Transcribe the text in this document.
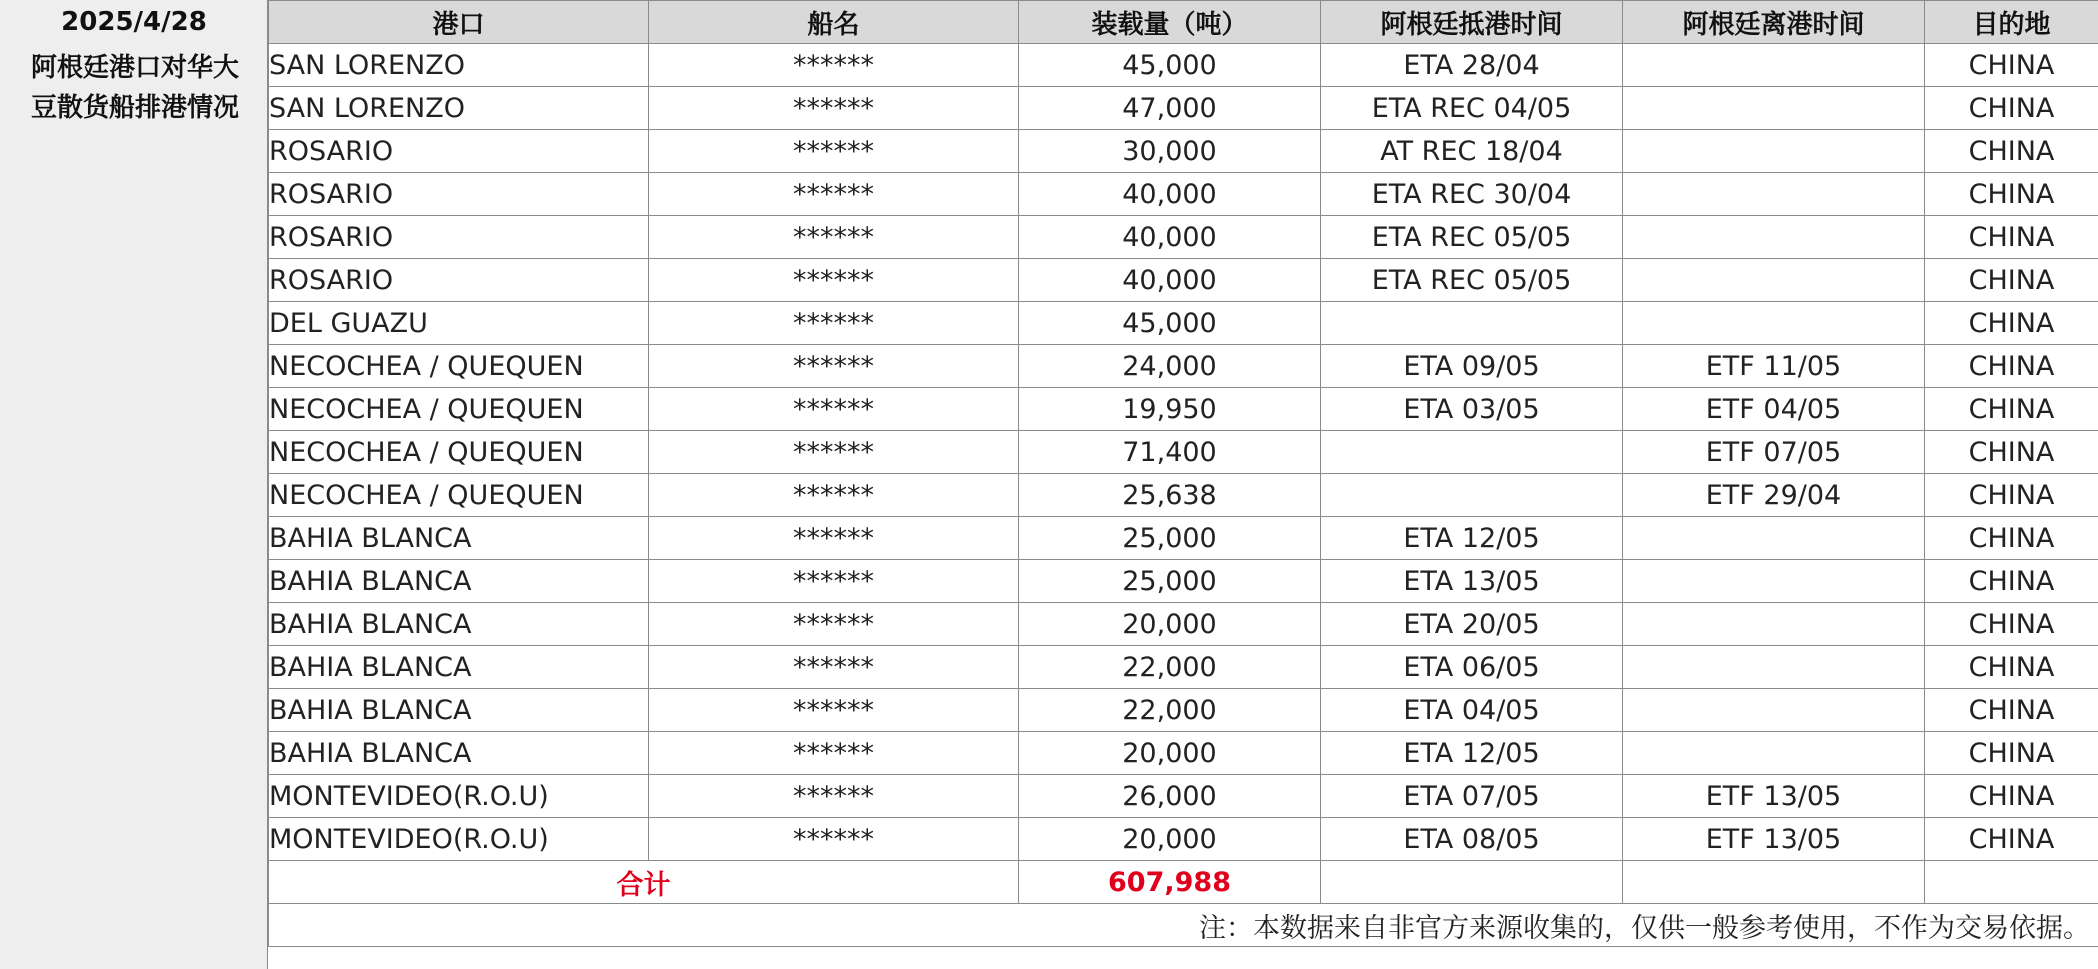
2025/4/28
阿根廷港口对华大
豆散货船排港情况
港口	船名	装载量（吨）	阿根廷抵港时间	阿根廷离港时间	目的地
SAN LORENZO	******	45,000	ETA 28/04		CHINA
SAN LORENZO	******	47,000	ETA REC 04/05		CHINA
ROSARIO	******	30,000	AT REC 18/04		CHINA
ROSARIO	******	40,000	ETA REC 30/04		CHINA
ROSARIO	******	40,000	ETA REC 05/05		CHINA
ROSARIO	******	40,000	ETA REC 05/05		CHINA
DEL GUAZU	******	45,000			CHINA
NECOCHEA / QUEQUEN	******	24,000	ETA 09/05	ETF 11/05	CHINA
NECOCHEA / QUEQUEN	******	19,950	ETA 03/05	ETF 04/05	CHINA
NECOCHEA / QUEQUEN	******	71,400		ETF 07/05	CHINA
NECOCHEA / QUEQUEN	******	25,638		ETF 29/04	CHINA
BAHIA BLANCA	******	25,000	ETA 12/05		CHINA
BAHIA BLANCA	******	25,000	ETA 13/05		CHINA
BAHIA BLANCA	******	20,000	ETA 20/05		CHINA
BAHIA BLANCA	******	22,000	ETA 06/05		CHINA
BAHIA BLANCA	******	22,000	ETA 04/05		CHINA
BAHIA BLANCA	******	20,000	ETA 12/05		CHINA
MONTEVIDEO(R.O.U)	******	26,000	ETA 07/05	ETF 13/05	CHINA
MONTEVIDEO(R.O.U)	******	20,000	ETA 08/05	ETF 13/05	CHINA
合计		607,988			
注：本数据来自非官方来源收集的，仅供一般参考使用，不作为交易依据。					
